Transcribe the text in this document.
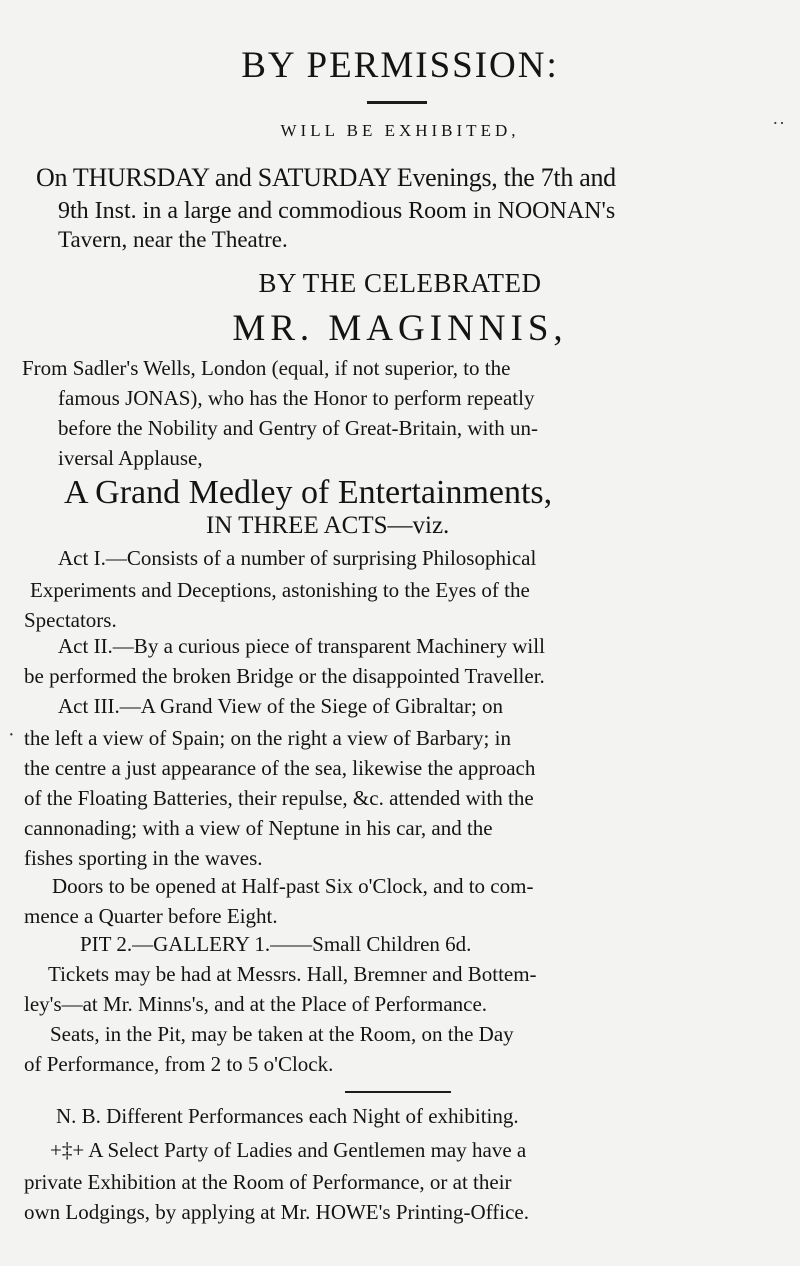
BY PERMISSION:
WILL BE EXHIBITED,
On THURSDAY and SATURDAY Evenings, the 7th and
9th Inst. in a large and commodious Room in NOONAN's
Tavern, near the Theatre.
BY THE CELEBRATED
MR. MAGINNIS,
From Sadler's Wells, London (equal, if not superior, to the
famous JONAS), who has the Honor to perform repeatly
before the Nobility and Gentry of Great-Britain, with un-
iversal Applause,
A Grand Medley of Entertainments,
IN THREE ACTS—viz.
Act I.—Consists of a number of surprising Philosophical
Experiments and Deceptions, astonishing to the Eyes of the
Spectators.
Act II.—By a curious piece of transparent Machinery will
be performed the broken Bridge or the disappointed Traveller.
Act III.—A Grand View of the Siege of Gibraltar; on
the left a view of Spain; on the right a view of Barbary; in
the centre a just appearance of the sea, likewise the approach
of the Floating Batteries, their repulse, &c. attended with the
cannonading; with a view of Neptune in his car, and the
fishes sporting in the waves.
Doors to be opened at Half-past Six o'Clock, and to com-
mence a Quarter before Eight.
PIT 2.—GALLERY 1.——Small Children 6d.
Tickets may be had at Messrs. Hall, Bremner and Bottem-
ley's—at Mr. Minns's, and at the Place of Performance.
Seats, in the Pit, may be taken at the Room, on the Day
of Performance, from 2 to 5 o'Clock.
N. B. Different Performances each Night of exhibiting.
+‡+ A Select Party of Ladies and Gentlemen may have a
private Exhibition at the Room of Performance, or at their
own Lodgings, by applying at Mr. HOWE's Printing-Office.
˙˙
·
